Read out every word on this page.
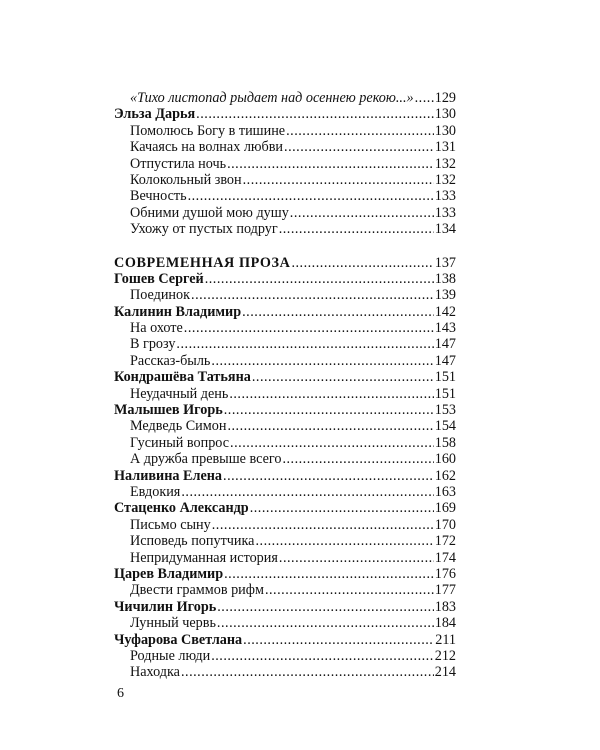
«Тихо листопад рыдает над осеннею рекою...» ..... 129
Эльза Дарья .....	130
Помолюсь Богу в тишине .....	130
Качаясь на волнах любви .....	131
Отпустила ночь .....	132
Колокольный звон .....	132
Вечность .....	133
Обними душой мою душу .....	133
Ухожу от пустых подруг .....	134
СОВРЕМЕННАЯ ПРОЗА .....	137
Гошев Сергей .....	138
Поединок .....	139
Калинин Владимир .....	142
На охоте .....	143
В грозу .....	147
Рассказ-быль .....	147
Кондрашёва Татьяна .....	151
Неудачный день .....	151
Малышев Игорь .....	153
Медведь Симон .....	154
Гусиный вопрос .....	158
А дружба превыше всего .....	160
Наливина Елена .....	162
Евдокия .....	163
Стаценко Александр .....	169
Письмо сыну .....	170
Исповедь попутчика .....	172
Непридуманная история .....	174
Царев Владимир .....	176
Двести граммов рифм .....	177
Чичилин Игорь .....	183
Лунный червь .....	184
Чуфарова Светлана .....	211
Родные люди .....	212
Находка .....	214
6
